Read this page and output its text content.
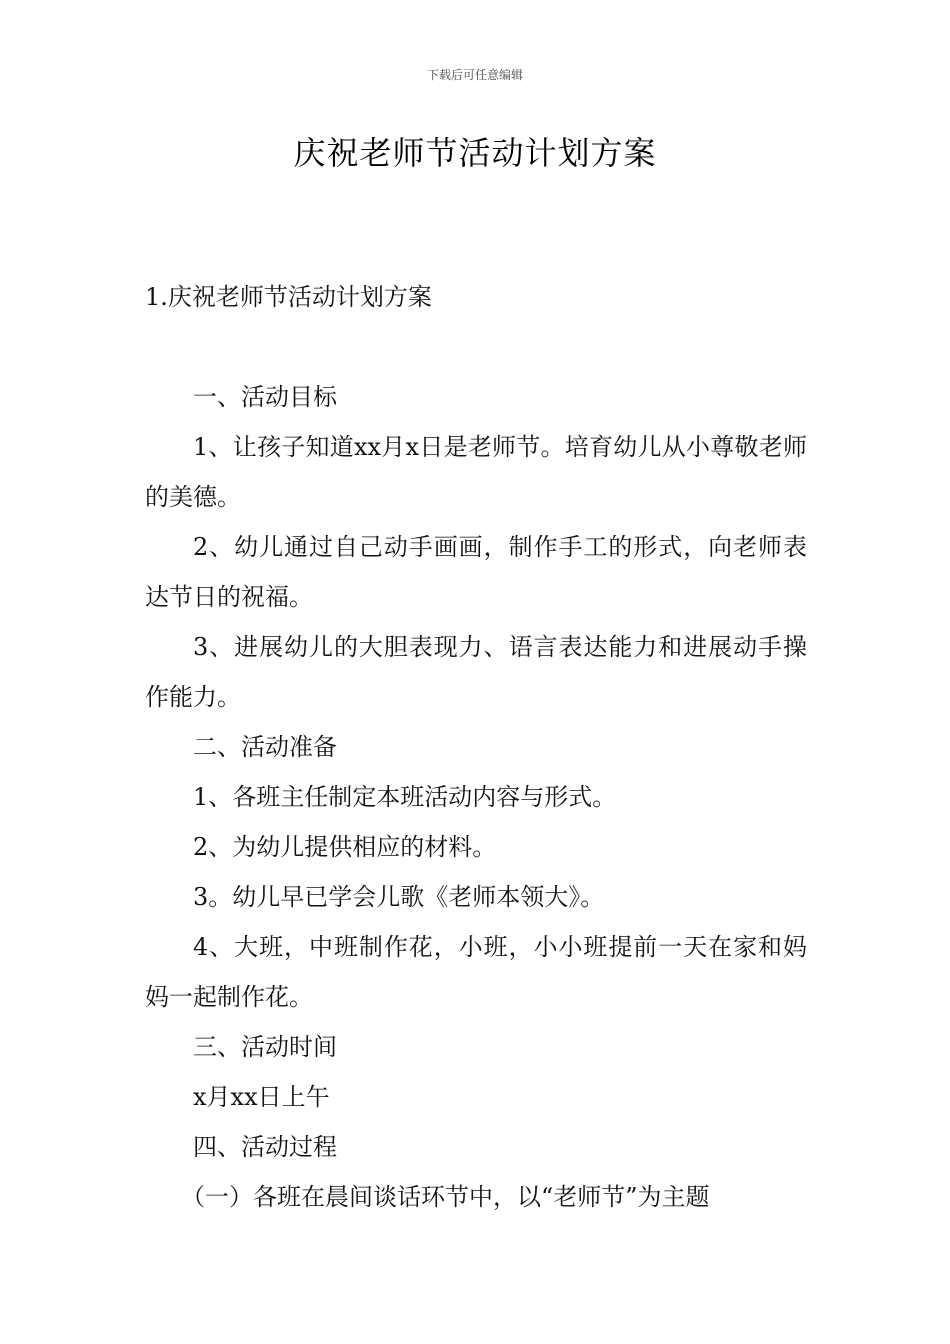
下载后可任意编辑
庆祝老师节活动计划方案

1.庆祝老师节活动计划方案

一、活动目标

1、让孩子知道xx月x日是老师节。培育幼儿从小尊敬老师的美德。

2、幼儿通过自己动手画画，制作手工的形式，向老师表达节日的祝福。

3、进展幼儿的大胆表现力、语言表达能力和进展动手操作能力。

二、活动准备

1、各班主任制定本班活动内容与形式。

2、为幼儿提供相应的材料。

3。幼儿早已学会儿歌《老师本领大》。

4、大班，中班制作花，小班，小小班提前一天在家和妈妈一起制作花。

三、活动时间

x月xx日上午

四、活动过程

（一）各班在晨间谈话环节中，以“老师节”为主题
